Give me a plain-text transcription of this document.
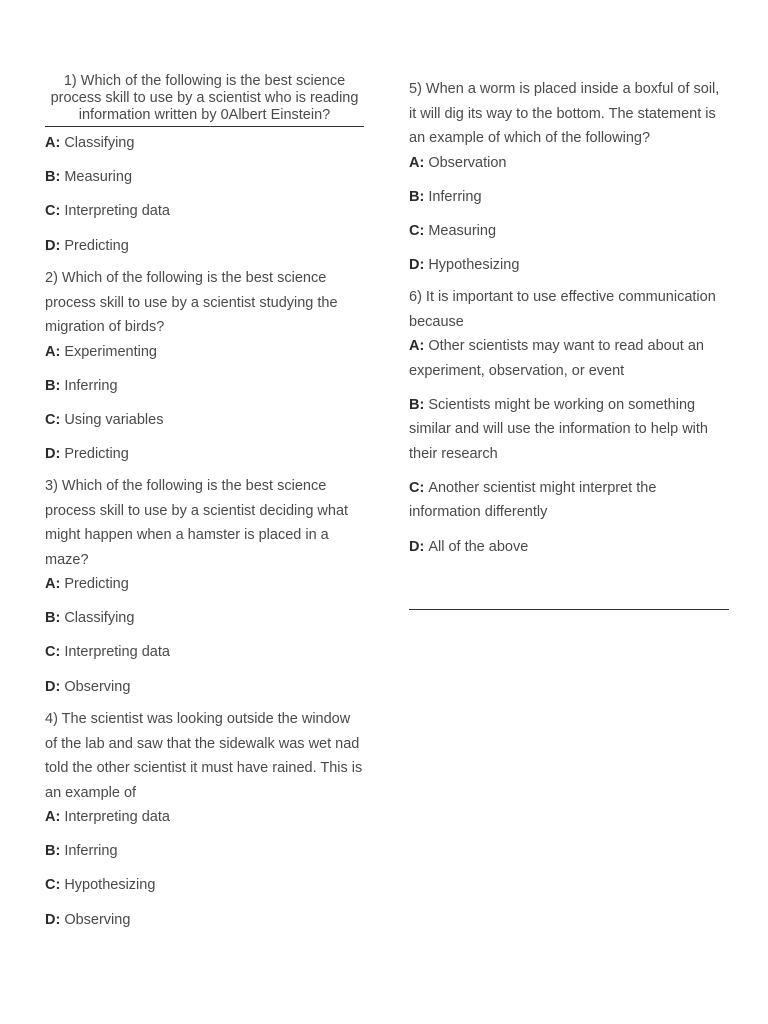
1) Which of the following is the best science process skill to use by a scientist who is reading information written by 0Albert Einstein?
A: Classifying
B: Measuring
C: Interpreting data
D: Predicting
2) Which of the following is the best science process skill to use by a scientist studying the migration of birds?
A: Experimenting
B: Inferring
C: Using variables
D: Predicting
3) Which of the following is the best science process skill to use by a scientist deciding what might happen when a hamster is placed in a maze?
A: Predicting
B: Classifying
C: Interpreting data
D: Observing
4) The scientist was looking outside the window of the lab and saw that the sidewalk was wet nad told the other scientist it must have rained. This is an example of
A: Interpreting data
B: Inferring
C: Hypothesizing
D: Observing
5) When a worm is placed inside a boxful of soil, it will dig its way to the bottom. The statement is an example of which of the following?
A: Observation
B: Inferring
C: Measuring
D: Hypothesizing
6) It is important to use effective communication because
A: Other scientists may want to read about an experiment, observation, or event
B: Scientists might be working on something similar and will use the information to help with their research
C: Another scientist might interpret the information differently
D: All of the above
